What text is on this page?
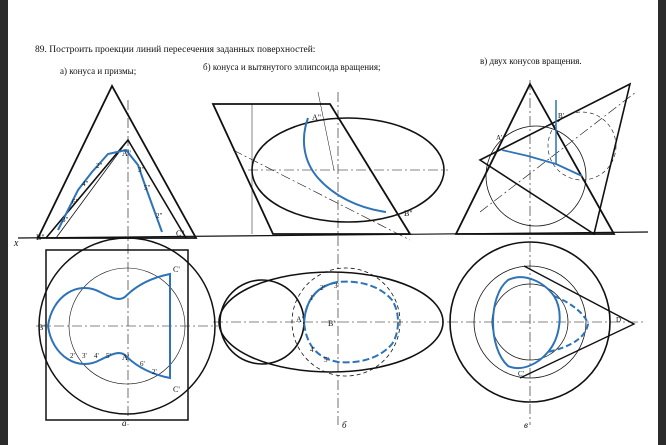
89. Построить проекции линий пересечения заданных поверхностей:
а) конуса и призмы;	б) конуса и вытянутого эллипсоида вращения;
в) двух конусов вращения.
x
B"	C"
A"
B'
C'
C'
A'
2"	3"
4"	5"
6"
2"
3"
2' 3' 4' 5'
6'
2'
а
A"
B"
A'	B'
1'
2' 3'
4'
5'
б
A'
B'
C'
D'
в
